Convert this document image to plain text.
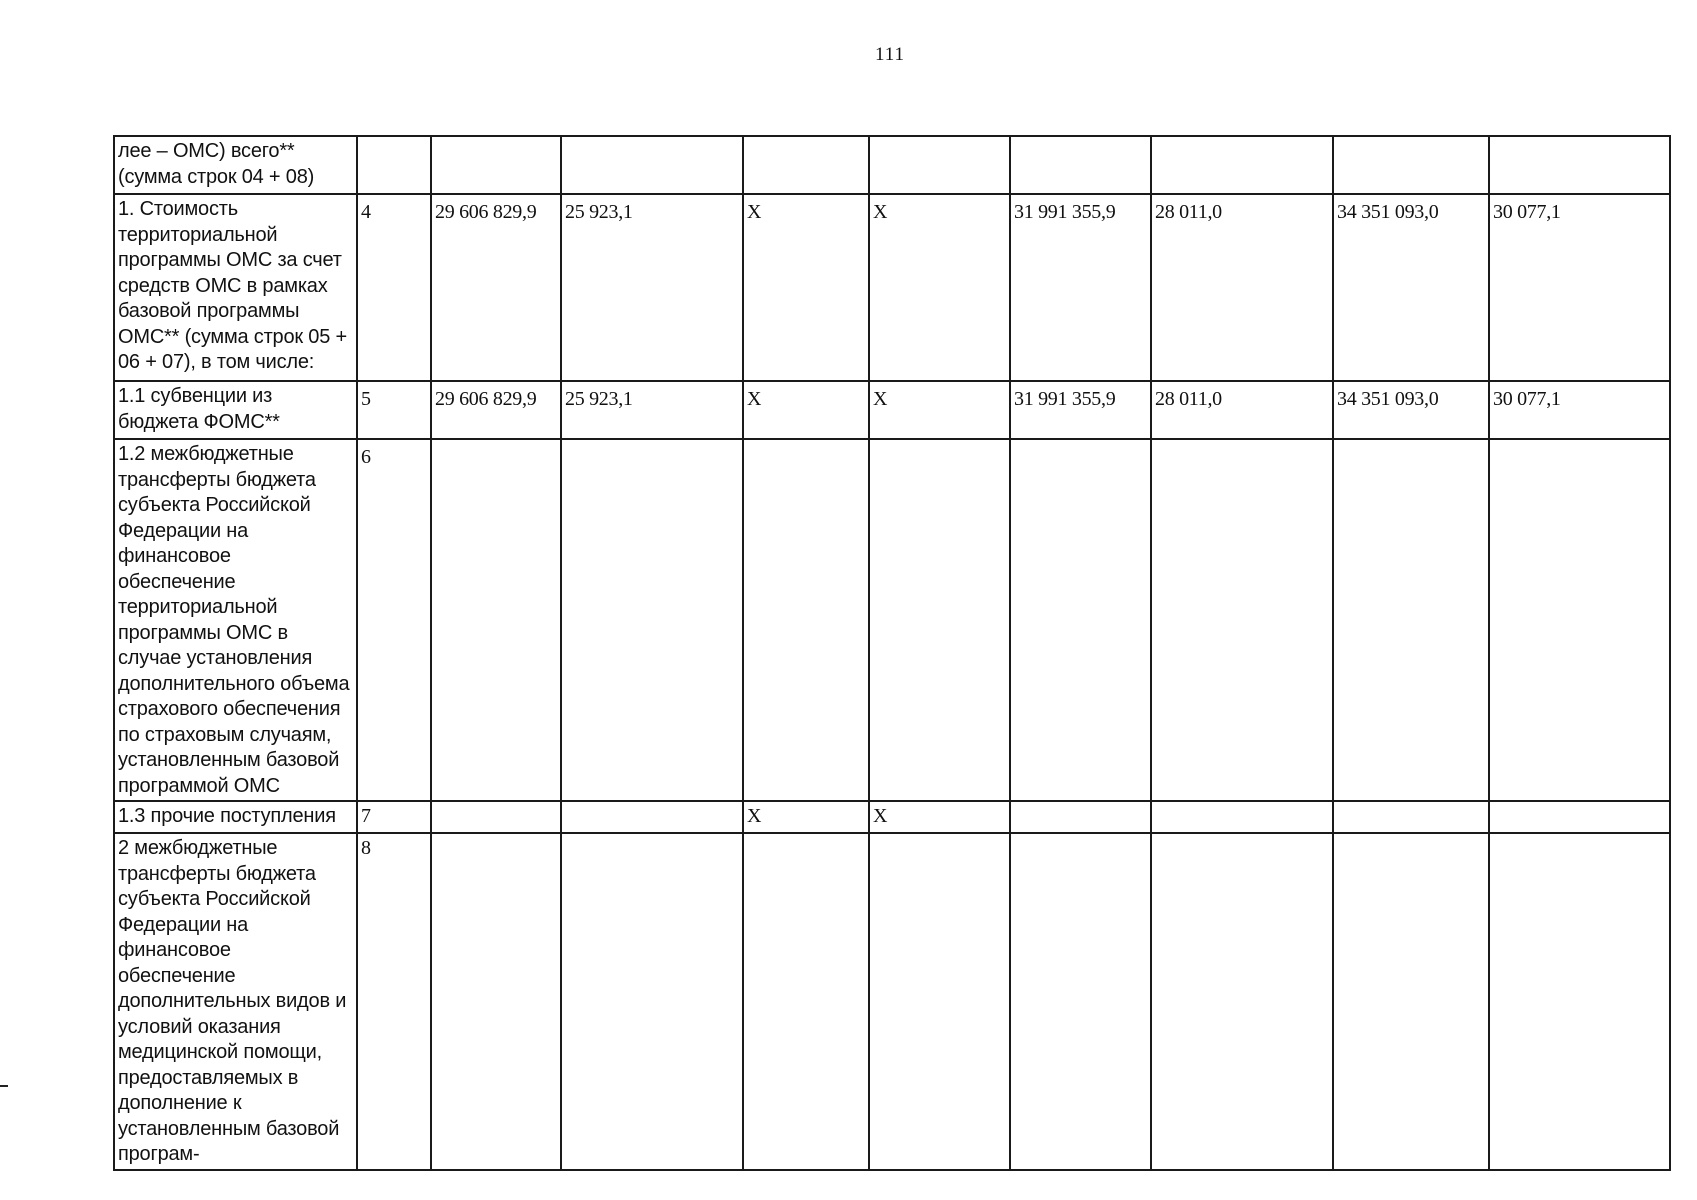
111
лее – ОМС) всего** (сумма строк 04 + 08)									
1. Стоимость территориальной программы ОМС за счет средств ОМС в рамках базовой программы ОМС** (сумма строк 05 + 06 + 07), в том числе:	4	29 606 829,9	25 923,1	X	X	31 991 355,9	28 011,0	34 351 093,0	30 077,1

1.1 субвенции из бюджета ФОМС**	5	29 606 829,9	25 923,1	X	X	31 991 355,9	28 011,0	34 351 093,0	30 077,1

1.2 межбюджетные трансферты бюджета субъекта Российской Федерации на финансовое обеспечение территориальной программы ОМС в случае установления дополнительного объема страхового обеспечения по страховым случаям, установленным базовой программой ОМС	6								

1.3 прочие поступления	7			X	X				
2 межбюджетные трансферты бюджета субъекта Российской Федерации на финансовое обеспечение дополнительных видов и условий оказания медицинской помощи, предоставляемых в дополнение к установленным базовой програм-	8								
